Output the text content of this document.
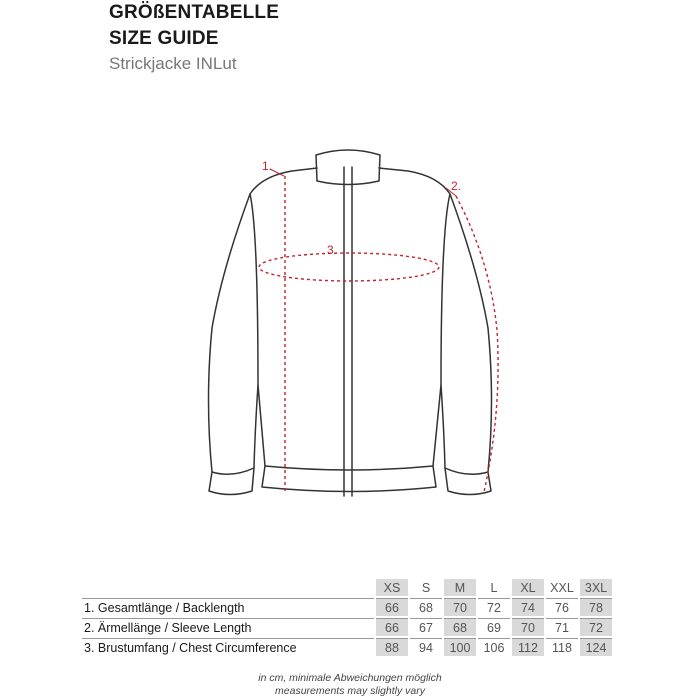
GRÖßENTABELLE
SIZE GUIDE
Strickjacke INLut
1.
2.
3.
	XS	S	M	L	XL	XXL	3XL
1. Gesamtlänge / Backlength	66	68	70	72	74	76	78
2. Ärmellänge / Sleeve Length	66	67	68	69	70	71	72
3. Brustumfang / Chest Circumference	88	94	100	106	112	118	124
in cm, minimale Abweichungen möglich
measurements may slightly vary
